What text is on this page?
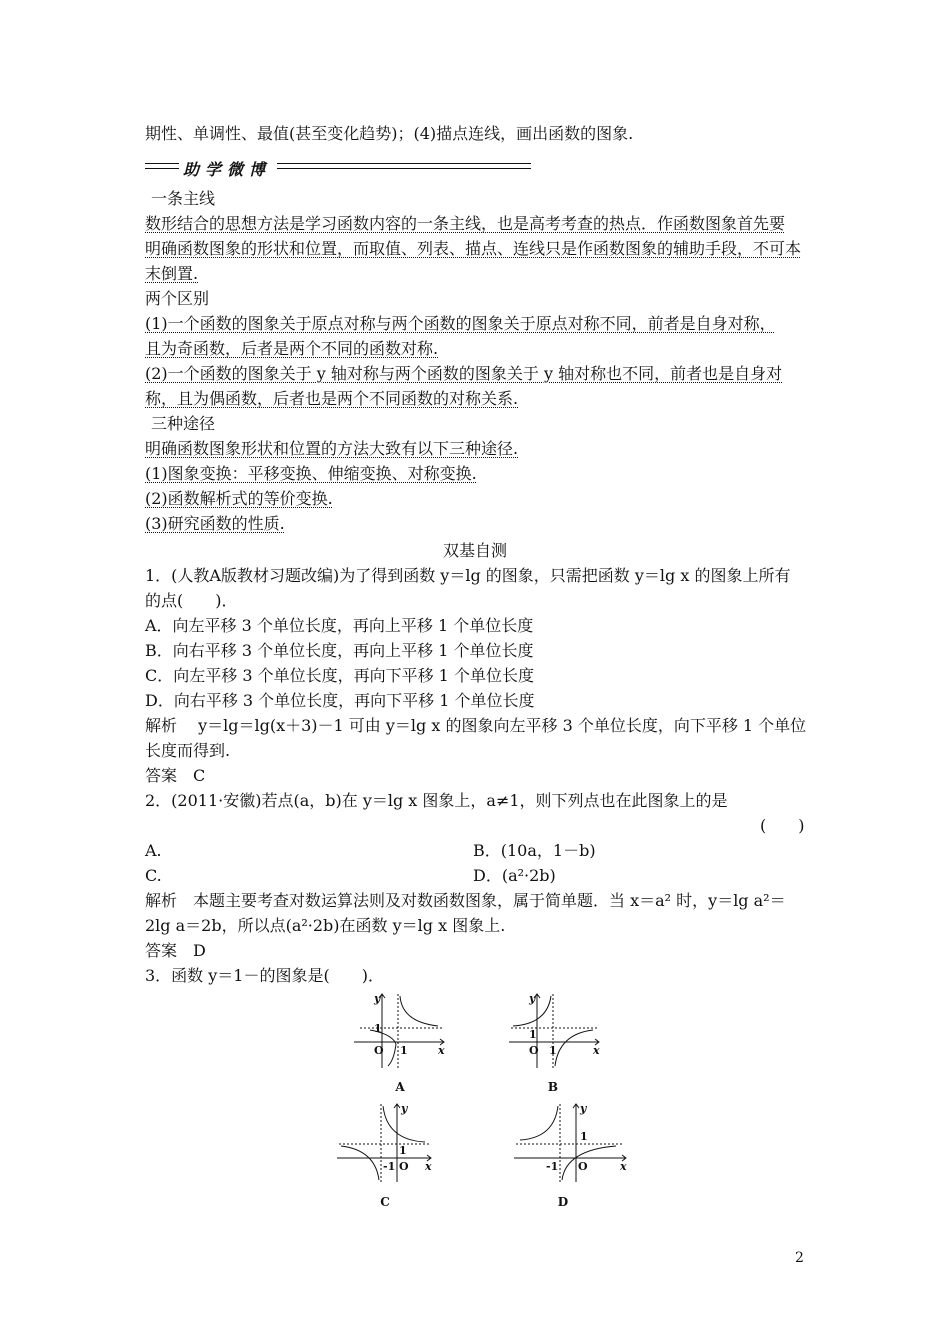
期性、单调性、最值(甚至变化趋势)；(4)描点连线，画出函数的图象.
助学微博
一条主线
数形结合的思想方法是学习函数内容的一条主线，也是高考考查的热点．作函数图象首先要
明确函数图象的形状和位置，而取值、列表、描点、连线只是作函数图象的辅助手段，不可本
末倒置.
两个区别
(1)一个函数的图象关于原点对称与两个函数的图象关于原点对称不同，前者是自身对称，
且为奇函数，后者是两个不同的函数对称.
(2)一个函数的图象关于 y 轴对称与两个函数的图象关于 y 轴对称也不同，前者也是自身对
称，且为偶函数，后者也是两个不同函数的对称关系.
三种途径
明确函数图象形状和位置的方法大致有以下三种途径.
(1)图象变换：平移变换、伸缩变换、对称变换.
(2)函数解析式的等价变换.
(3)研究函数的性质.
双基自测
1．(人教A版教材习题改编)为了得到函数 y＝lg 的图象，只需把函数 y＝lg x 的图象上所有
的点(　　)．
A．向左平移 3 个单位长度，再向上平移 1 个单位长度
B．向右平移 3 个单位长度，再向上平移 1 个单位长度
C．向左平移 3 个单位长度，再向下平移 1 个单位长度
D．向右平移 3 个单位长度，再向下平移 1 个单位长度
解析　 y＝lg＝lg(x＋3)－1 可由 y＝lg x 的图象向左平移 3 个单位长度，向下平移 1 个单位
长度而得到.
答案　C
2．(2011·安徽)若点(a，b)在 y＝lg x 图象上，a≠1，则下列点也在此图象上的是
(　　)
A.	B．(10a，1－b)
C.	D．(a²·2b)
解析　本题主要考查对数运算法则及对数函数图象，属于简单题．当 x＝a² 时，y＝lg a²＝
2lg a＝2b，所以点(a²·2b)在函数 y＝lg x 图象上.
答案　D
3．函数 y＝1－的图象是(　　)．
y
x
1
O 1
A
y
x
1
O 1
B
y
x
1
O
-1
C
y
x
1
O
-1
D
2
